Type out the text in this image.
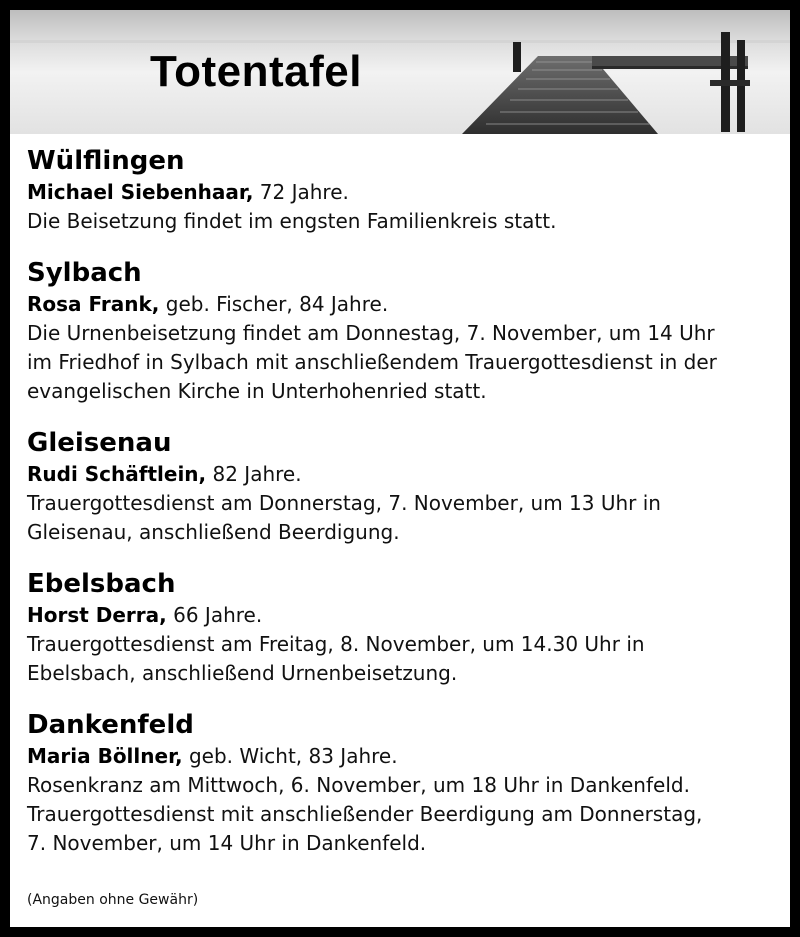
Totentafel
Wülflingen

Michael Siebenhaar, 72 Jahre.

Die Beisetzung findet im engsten Familienkreis statt.

Sylbach

Rosa Frank, geb. Fischer, 84 Jahre.

Die Urnenbeisetzung findet am Donnestag, 7. November, um 14 Uhr

im Friedhof in Sylbach mit anschließendem Trauergottesdienst in der

evangelischen Kirche in Unterhohenried statt.

Gleisenau

Rudi Schäftlein, 82 Jahre.

Trauergottesdienst am Donnerstag, 7. November, um 13 Uhr in

Gleisenau, anschließend Beerdigung.

Ebelsbach

Horst Derra, 66 Jahre.

Trauergottesdienst am Freitag, 8. November, um 14.30 Uhr in

Ebelsbach, anschließend Urnenbeisetzung.

Dankenfeld

Maria Böllner, geb. Wicht, 83 Jahre.

Rosenkranz am Mittwoch, 6. November, um 18 Uhr in Dankenfeld.

Trauergottesdienst mit anschließender Beerdigung am Donnerstag,

7. November, um 14 Uhr in Dankenfeld.

(Angaben ohne Gewähr)
